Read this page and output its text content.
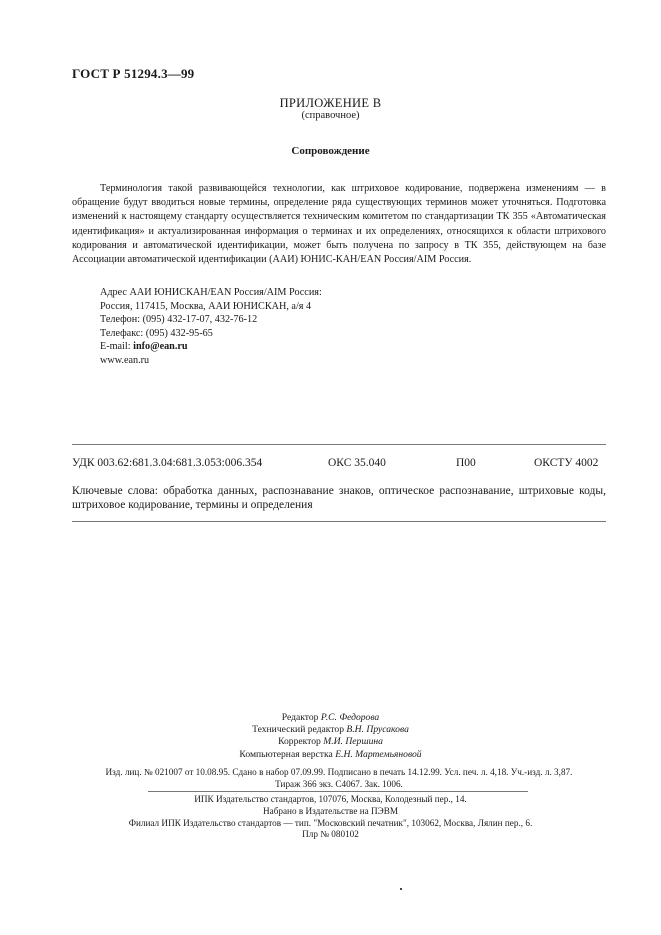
ГОСТ Р 51294.3—99
ПРИЛОЖЕНИЕ В
(справочное)
Сопровождение
Терминология такой развивающейся технологии, как штриховое кодирование, подвержена изменениям — в обращение будут вводиться новые термины, определение ряда существующих терминов может уточняться. Подготовка изменений к настоящему стандарту осуществляется техническим комитетом по стандартизации ТК 355 «Автоматическая идентификация» и актуализированная информация о терминах и их определениях, относящихся к области штрихового кодирования и автоматической идентификации, может быть получена по запросу в ТК 355, действующем на базе Ассоциации автоматической идентификации (ААИ) ЮНИС-КАН/EAN Россия/AIM Россия.
Адрес ААИ ЮНИСКАН/EAN Россия/AIM Россия:
Россия, 117415, Москва, ААИ ЮНИСКАН, а/я 4
Телефон: (095) 432-17-07, 432-76-12
Телефакс: (095) 432-95-65
E-mail: info@ean.ru
www.ean.ru
УДК 003.62:681.3.04:681.3.053:006.354	ОКС 35.040	П00	ОКСТУ 4002
Ключевые слова: обработка данных, распознавание знаков, оптическое распознавание, штриховые коды, штриховое кодирование, термины и определения
Редактор Р.С. Федорова
Технический редактор В.Н. Прусакова
Корректор М.И. Першина
Компьютерная верстка Е.Н. Мартемьяновой
Изд. лиц. № 021007 от 10.08.95. Сдано в набор 07.09.99. Подписано в печать 14.12.99. Усл. печ. л. 4,18. Уч.-изд. л. 3,87.
Тираж 366 экз. С4067. Зак. 1006.
ИПК Издательство стандартов, 107076, Москва, Колодезный пер., 14.
Набрано в Издательстве на ПЭВМ
Филиал ИПК Издательство стандартов — тип. "Московский печатник", 103062, Москва, Лялин пер., 6.
Плр № 080102
